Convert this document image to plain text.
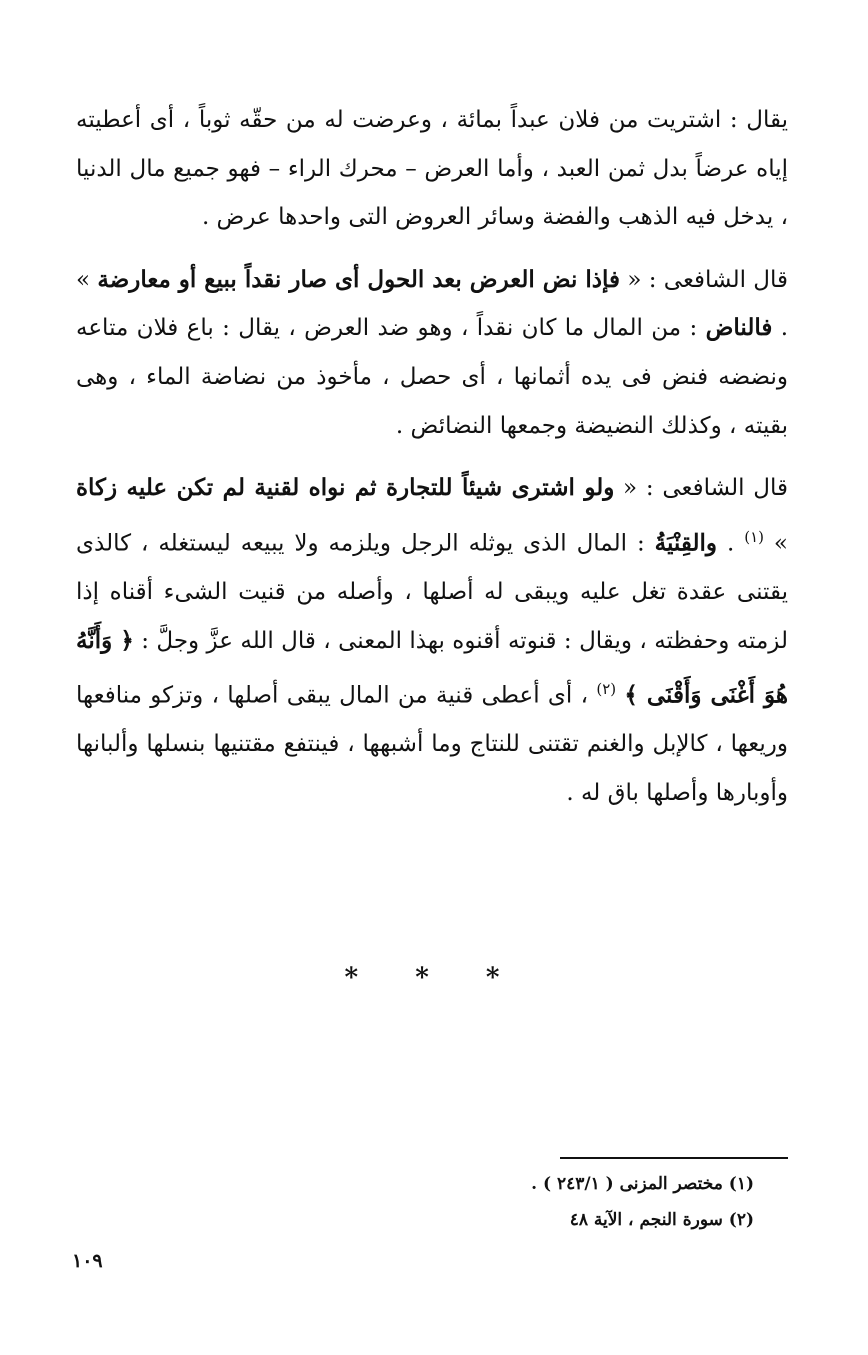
يقال : اشتريت من فلان عبداً بمائة ، وعرضت له من حقّه ثوباً ، أى أعطيته إياه عرضاً بدل ثمن العبد ، وأما العرض – محرك الراء – فهو جميع مال الدنيا ، يدخل فيه الذهب والفضة وسائر العروض التى واحدها عرض .

قال الشافعى : « فإذا نض العرض بعد الحول أى صار نقداً ببيع أو معارضة » . فالناض : من المال ما كان نقداً ، وهو ضد العرض ، يقال : باع فلان متاعه ونضضه فنض فى يده أثمانها ، أى حصل ، مأخوذ من نضاضة الماء ، وهى بقيته ، وكذلك النضيضة وجمعها النضائض .

قال الشافعى : « ولو اشترى شيئاً للتجارة ثم نواه لقنية لم تكن عليه زكاة » $^{(١)}$ . والقِنْيَةُ : المال الذى يوثله الرجل ويلزمه ولا يبيعه ليستغله ، كالذى يقتنى عقدة تغل عليه ويبقى له أصلها ، وأصله من قنيت الشىء أقناه إذا لزمته وحفظته ، ويقال : قنوته أقنوه بهذا المعنى ، قال الله عزَّ وجلَّ : ﴿ وَأَنَّهُ هُوَ أَغْنَى وَأَقْنَى ﴾ $^{(٢)}$ ، أى أعطى قنية من المال يبقى أصلها ، وتزكو منافعها وريعها ، كالإبل والغنم تقتنى للنتاج وما أشبهها ، فينتفع مقتنيها بنسلها وألبانها وأوبارها وأصلها باق له .

* * *

(١) مختصر المزنى ( ٢٤٣/١ ) .

(٢) سورة النجم ، الآية ٤٨

١٠٩
